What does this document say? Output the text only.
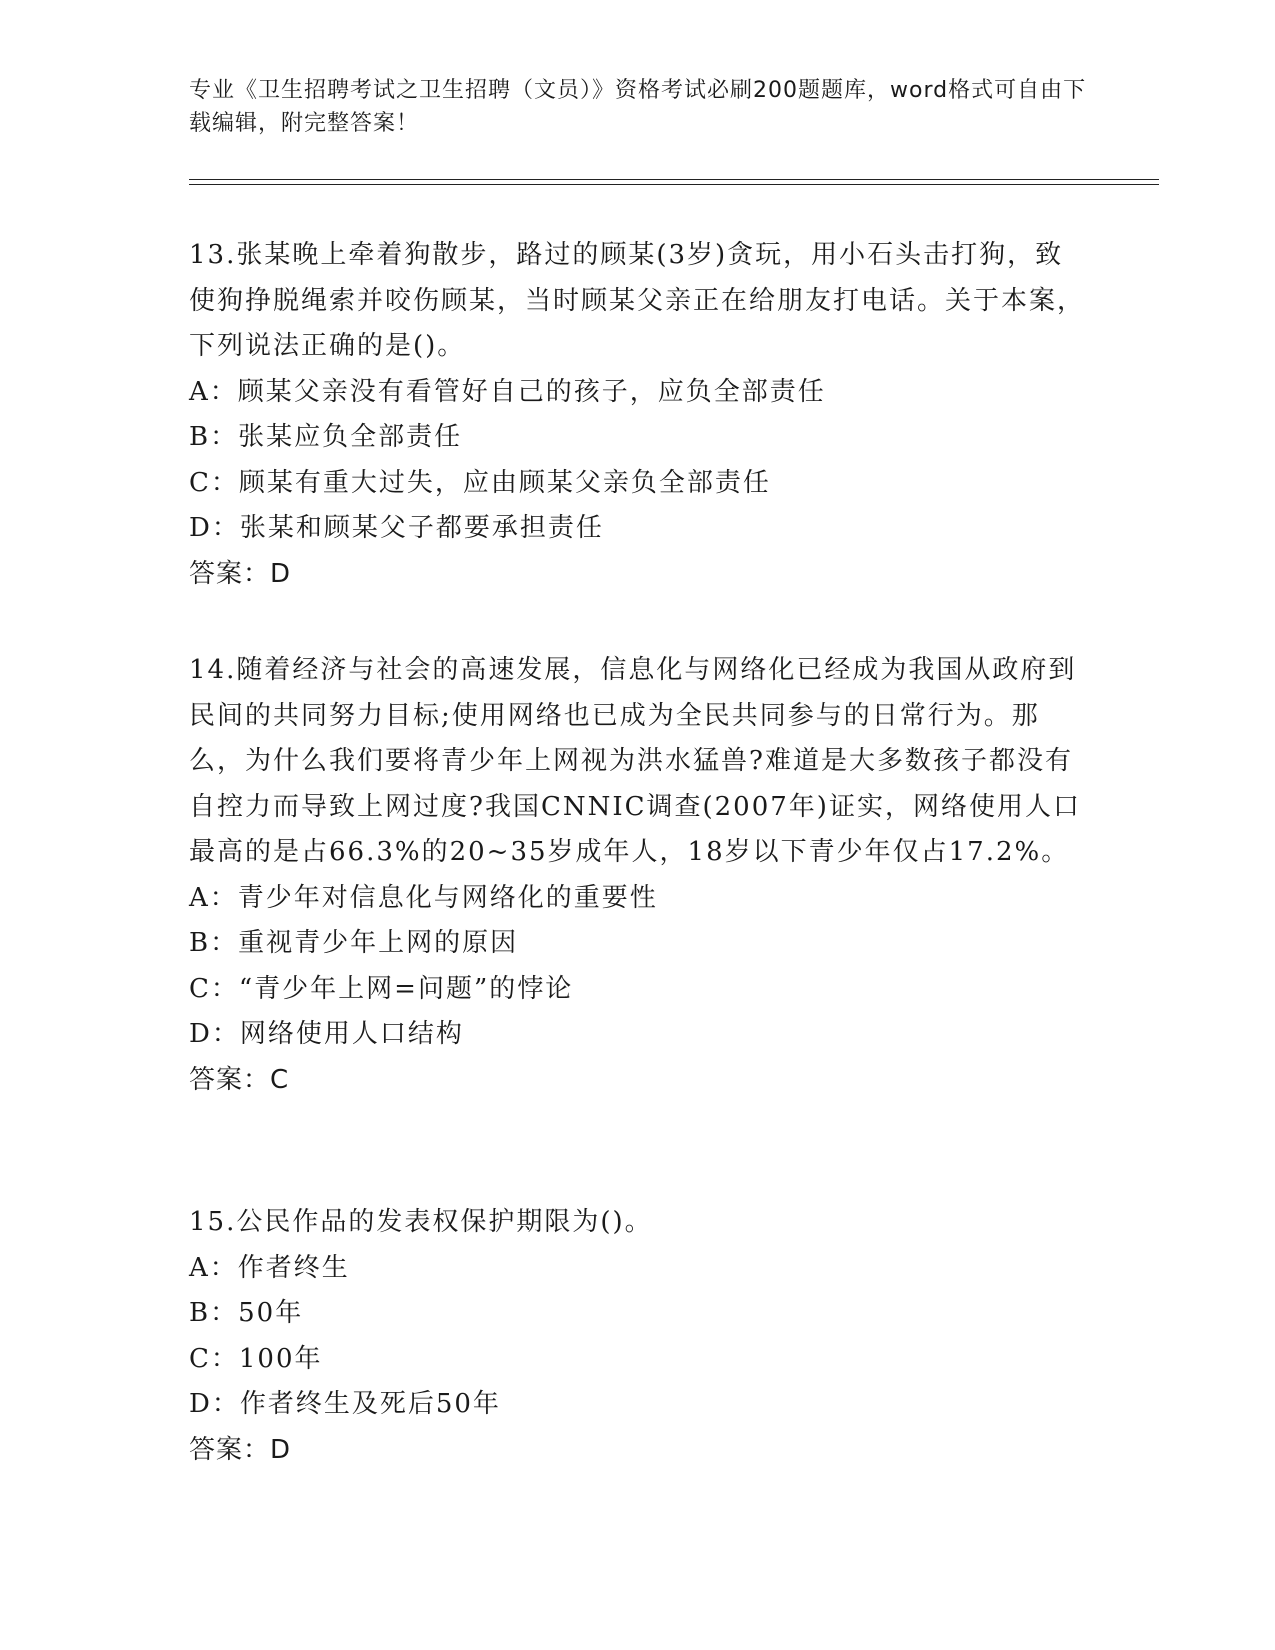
专业《卫生招聘考试之卫生招聘（文员）》资格考试必刷200题题库，word格式可自由下载编辑，附完整答案！
13.张某晚上牵着狗散步，路过的顾某(3岁)贪玩，用小石头击打狗，致使狗挣脱绳索并咬伤顾某，当时顾某父亲正在给朋友打电话。关于本案，下列说法正确的是()。
A：顾某父亲没有看管好自己的孩子，应负全部责任
B：张某应负全部责任
C：顾某有重大过失，应由顾某父亲负全部责任
D：张某和顾某父子都要承担责任
答案：D
14.随着经济与社会的高速发展，信息化与网络化已经成为我国从政府到民间的共同努力目标;使用网络也已成为全民共同参与的日常行为。那么，为什么我们要将青少年上网视为洪水猛兽?难道是大多数孩子都没有自控力而导致上网过度?我国CNNIC调查(2007年)证实，网络使用人口最高的是占66.3%的20~35岁成年人，18岁以下青少年仅占17.2%。
A：青少年对信息化与网络化的重要性
B：重视青少年上网的原因
C：“青少年上网=问题”的悖论
D：网络使用人口结构
答案：C
15.公民作品的发表权保护期限为()。
A：作者终生
B：50年
C：100年
D：作者终生及死后50年
答案：D
